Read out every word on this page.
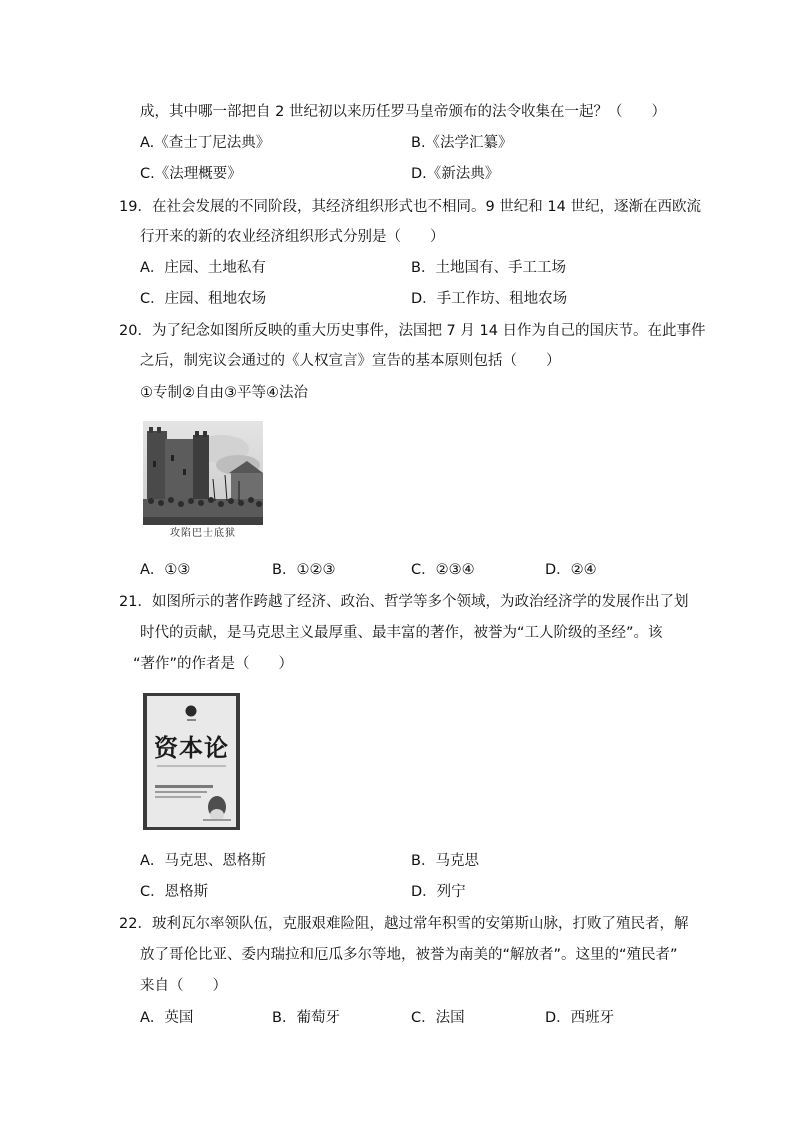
成，其中哪一部把自 2 世纪初以来历任罗马皇帝颁布的法令收集在一起？（　　）
A.《查士丁尼法典》	B.《法学汇纂》
C.《法理概要》	D.《新法典》
19．在社会发展的不同阶段，其经济组织形式也不相同。9 世纪和 14 世纪，逐渐在西欧流
行开来的新的农业经济组织形式分别是（　　）
A．庄园、土地私有	B．土地国有、手工工场
C．庄园、租地农场	D．手工作坊、租地农场
20．为了纪念如图所反映的重大历史事件，法国把 7 月 14 日作为自己的国庆节。在此事件
之后，制宪议会通过的《人权宣言》宣告的基本原则包括（　　）
①专制②自由③平等④法治
攻陷巴士底狱
A．①③	B．①②③	C．②③④	D．②④
21．如图所示的著作跨越了经济、政治、哲学等多个领域，为政治经济学的发展作出了划
时代的贡献，是马克思主义最厚重、最丰富的著作，被誉为“工人阶级的圣经”。该
“著作”的作者是（　　）
资本论
A．马克思、恩格斯	B．马克思
C．恩格斯	D．列宁
22．玻利瓦尔率领队伍，克服艰难险阻，越过常年积雪的安第斯山脉，打败了殖民者，解
放了哥伦比亚、委内瑞拉和厄瓜多尔等地，被誉为南美的“解放者”。这里的“殖民者”
来自（　　）
A．英国	B．葡萄牙	C．法国	D．西班牙
